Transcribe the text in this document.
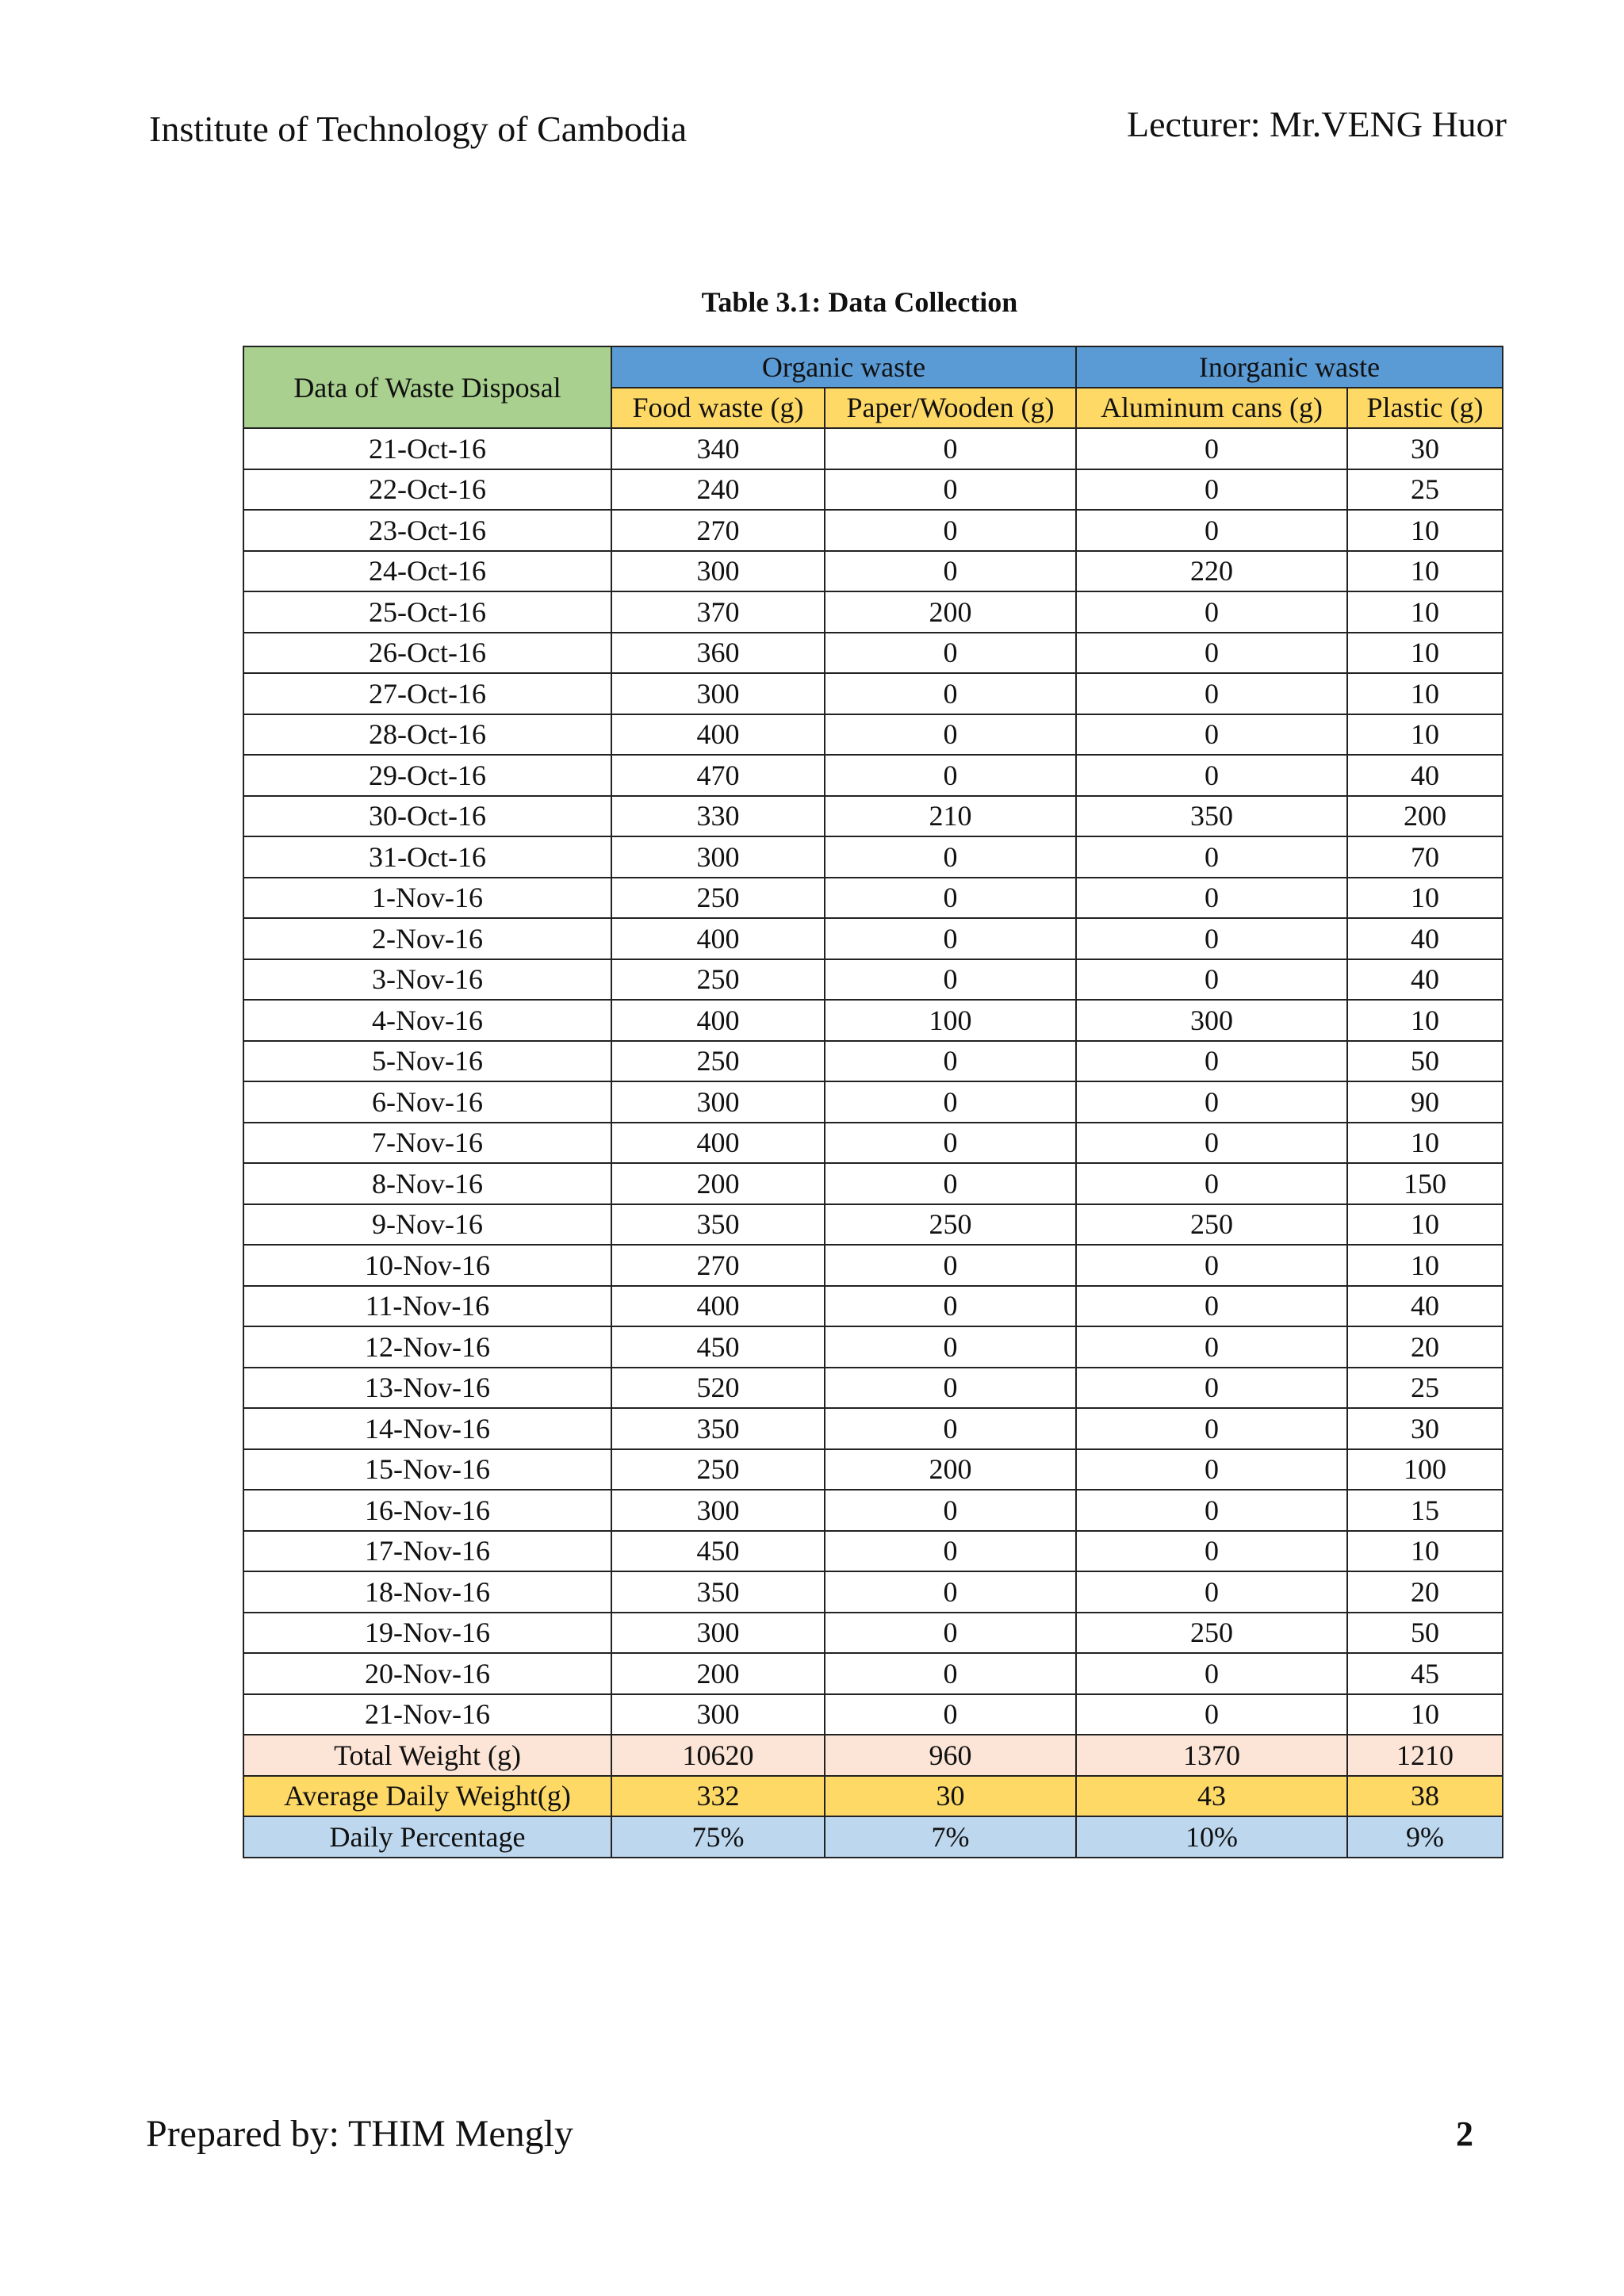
Institute of Technology of Cambodia	Lecturer: Mr.VENG Huor
Table 3.1: Data Collection
Data of Waste Disposal	Organic waste		Inorganic waste	
	Food waste (g)	Paper/Wooden (g)	Aluminum cans (g)	Plastic (g)
21-Oct-16	340	0	0	30
22-Oct-16	240	0	0	25
23-Oct-16	270	0	0	10
24-Oct-16	300	0	220	10
25-Oct-16	370	200	0	10
26-Oct-16	360	0	0	10
27-Oct-16	300	0	0	10
28-Oct-16	400	0	0	10
29-Oct-16	470	0	0	40
30-Oct-16	330	210	350	200
31-Oct-16	300	0	0	70
1-Nov-16	250	0	0	10
2-Nov-16	400	0	0	40
3-Nov-16	250	0	0	40
4-Nov-16	400	100	300	10
5-Nov-16	250	0	0	50
6-Nov-16	300	0	0	90
7-Nov-16	400	0	0	10
8-Nov-16	200	0	0	150
9-Nov-16	350	250	250	10
10-Nov-16	270	0	0	10
11-Nov-16	400	0	0	40
12-Nov-16	450	0	0	20
13-Nov-16	520	0	0	25
14-Nov-16	350	0	0	30
15-Nov-16	250	200	0	100
16-Nov-16	300	0	0	15
17-Nov-16	450	0	0	10
18-Nov-16	350	0	0	20
19-Nov-16	300	0	250	50
20-Nov-16	200	0	0	45
21-Nov-16	300	0	0	10
Total Weight (g)	10620	960	1370	1210
Average Daily Weight(g)	332	30	43	38
Daily Percentage	75%	7%	10%	9%
Prepared by: THIM Mengly	2
